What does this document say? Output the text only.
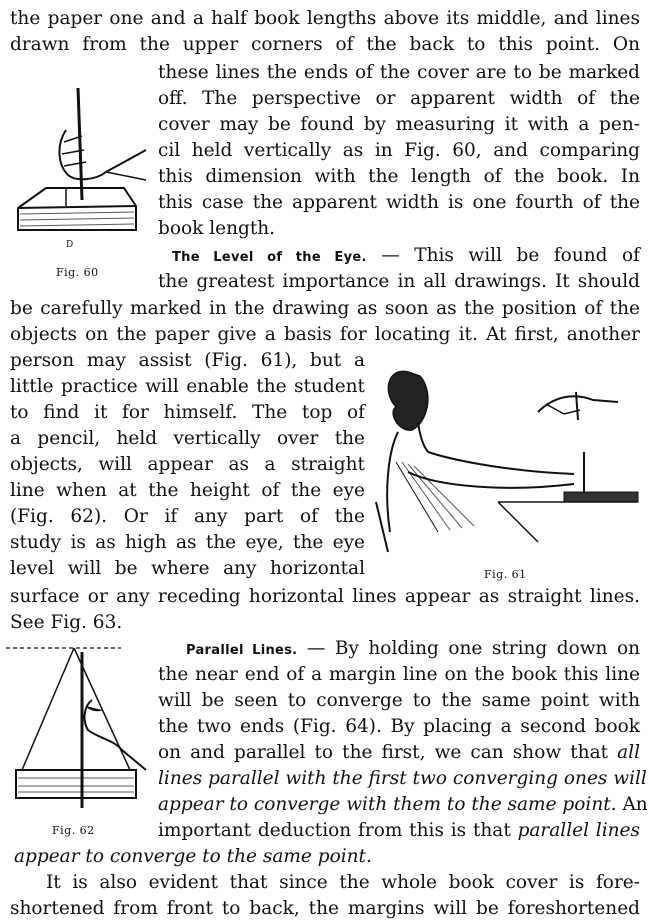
the paper one and a half book lengths above its middle, and lines
drawn from the upper corners of the back to this point. On
these lines the ends of the cover are to be marked
off. The perspective or apparent width of the
cover may be found by measuring it with a pen-
cil held vertically as in Fig. 60, and comparing
this dimension with the length of the book. In
this case the apparent width is one fourth of the
book length.
The Level of the Eye. — This will be found of
the greatest importance in all drawings. It should
be carefully marked in the drawing as soon as the position of the
objects on the paper give a basis for locating it. At first, another
person may assist (Fig. 61), but a
little practice will enable the student
to find it for himself. The top of
a pencil, held vertically over the
objects, will appear as a straight
line when at the height of the eye
(Fig. 62). Or if any part of the
study is as high as the eye, the eye
level will be where any horizontal
surface or any receding horizontal lines appear as straight lines.
See Fig. 63.
Parallel Lines. — By holding one string down on
the near end of a margin line on the book this line
will be seen to converge to the same point with
the two ends (Fig. 64). By placing a second book
on and parallel to the first, we can show that all
lines parallel with the first two converging ones will
appear to converge with them to the same point. An
important deduction from this is that parallel lines
appear to converge to the same point.
It is also evident that since the whole book cover is fore-
shortened from front to back, the margins will be foreshortened
D
Fig. 60
Fig. 61
Fig. 62
